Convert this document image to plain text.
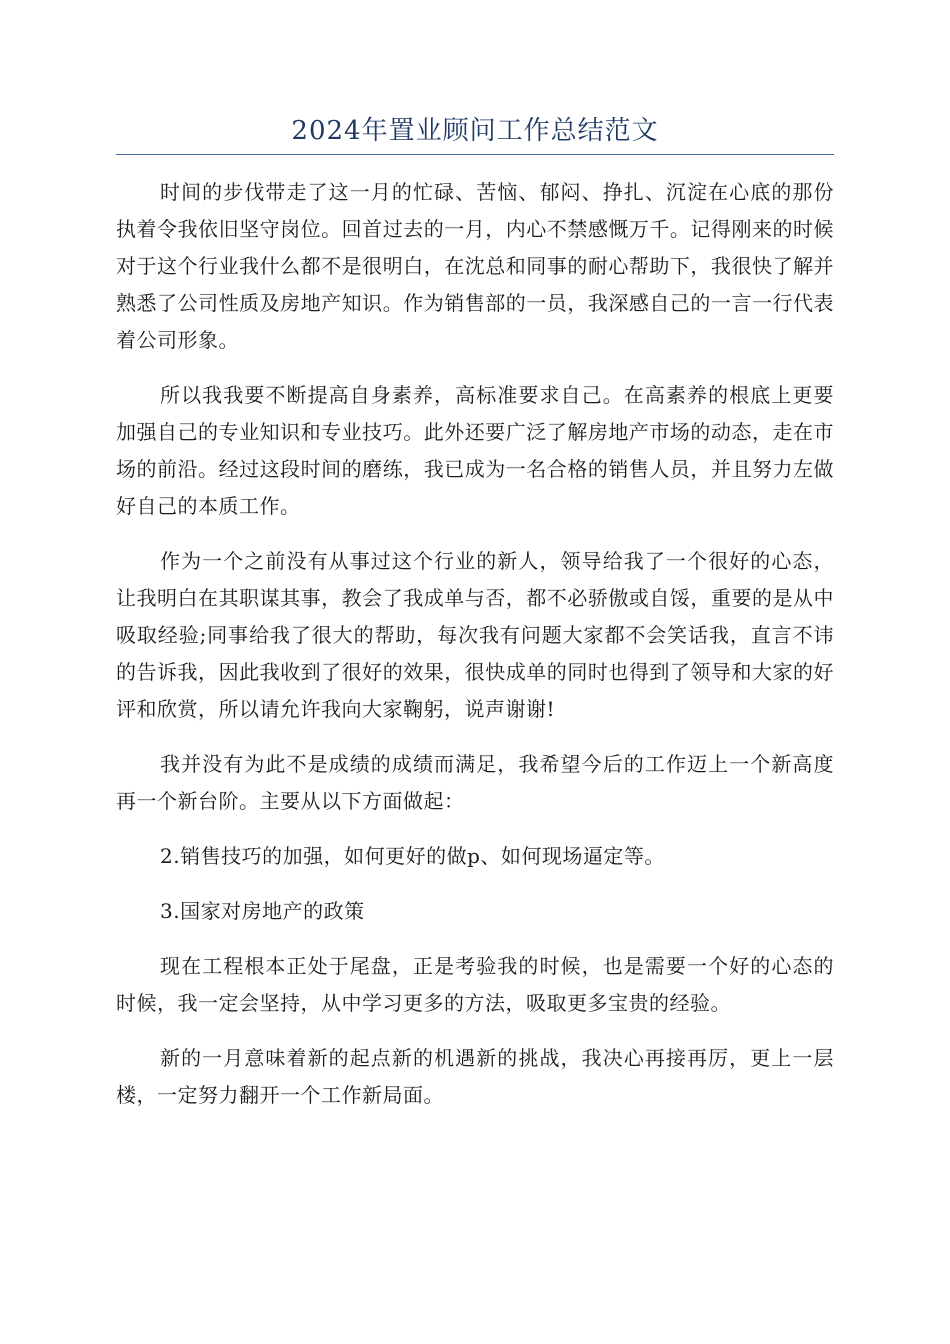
2024年置业顾问工作总结范文

时间的步伐带走了这一月的忙碌、苦恼、郁闷、挣扎、沉淀在心底的那份执着令我依旧坚守岗位。回首过去的一月，内心不禁感慨万千。记得刚来的时候对于这个行业我什么都不是很明白，在沈总和同事的耐心帮助下，我很快了解并熟悉了公司性质及房地产知识。作为销售部的一员，我深感自己的一言一行代表着公司形象。

所以我我要不断提高自身素养，高标准要求自己。在高素养的根底上更要加强自己的专业知识和专业技巧。此外还要广泛了解房地产市场的动态，走在市场的前沿。经过这段时间的磨练，我已成为一名合格的销售人员，并且努力左做好自己的本质工作。

作为一个之前没有从事过这个行业的新人，领导给我了一个很好的心态，让我明白在其职谋其事，教会了我成单与否，都不必骄傲或自馁，重要的是从中吸取经验;同事给我了很大的帮助，每次我有问题大家都不会笑话我，直言不讳的告诉我，因此我收到了很好的效果，很快成单的同时也得到了领导和大家的好评和欣赏，所以请允许我向大家鞠躬，说声谢谢!

我并没有为此不是成绩的成绩而满足，我希望今后的工作迈上一个新高度再一个新台阶。主要从以下方面做起：

2.销售技巧的加强，如何更好的做p、如何现场逼定等。

3.国家对房地产的政策

现在工程根本正处于尾盘，正是考验我的时候，也是需要一个好的心态的时候，我一定会坚持，从中学习更多的方法，吸取更多宝贵的经验。

新的一月意味着新的起点新的机遇新的挑战，我决心再接再厉，更上一层楼，一定努力翻开一个工作新局面。
